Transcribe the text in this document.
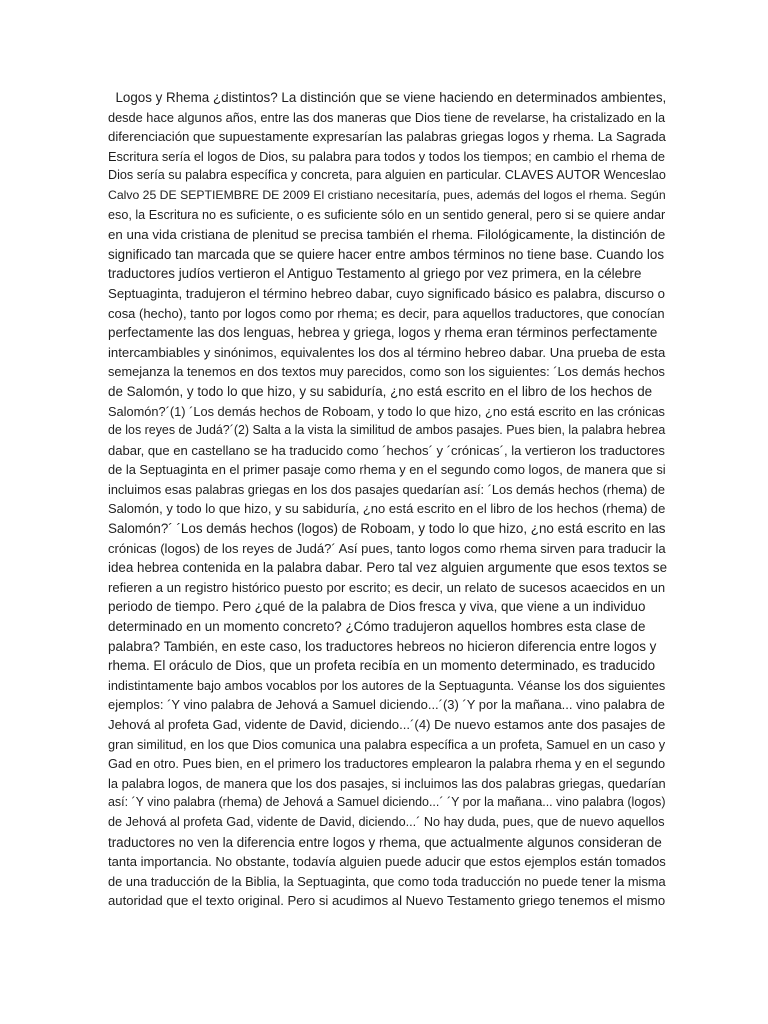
Logos y Rhema ¿distintos? La distinción que se viene haciendo en determinados ambientes,
desde hace algunos años, entre las dos maneras que Dios tiene de revelarse, ha cristalizado en la
diferenciación que supuestamente expresarían las palabras griegas logos y rhema. La Sagrada
Escritura sería el logos de Dios, su palabra para todos y todos los tiempos; en cambio el rhema de
Dios sería su palabra específica y concreta, para alguien en particular. CLAVES AUTOR Wenceslao
Calvo 25 DE SEPTIEMBRE DE 2009 El cristiano necesitaría, pues, además del logos el rhema. Según
eso, la Escritura no es suficiente, o es suficiente sólo en un sentido general, pero si se quiere andar
en una vida cristiana de plenitud se precisa también el rhema. Filológicamente, la distinción de
significado tan marcada que se quiere hacer entre ambos términos no tiene base. Cuando los
traductores judíos vertieron el Antiguo Testamento al griego por vez primera, en la célebre
Septuaginta, tradujeron el término hebreo dabar, cuyo significado básico es palabra, discurso o
cosa (hecho), tanto por logos como por rhema; es decir, para aquellos traductores, que conocían
perfectamente las dos lenguas, hebrea y griega, logos y rhema eran términos perfectamente
intercambiables y sinónimos, equivalentes los dos al término hebreo dabar. Una prueba de esta
semejanza la tenemos en dos textos muy parecidos, como son los siguientes: ´Los demás hechos
de Salomón, y todo lo que hizo, y su sabiduría, ¿no está escrito en el libro de los hechos de
Salomón?´(1) ´Los demás hechos de Roboam, y todo lo que hizo, ¿no está escrito en las crónicas
de los reyes de Judá?´(2) Salta a la vista la similitud de ambos pasajes. Pues bien, la palabra hebrea
dabar, que en castellano se ha traducido como ´hechos´ y ´crónicas´, la vertieron los traductores
de la Septuaginta en el primer pasaje como rhema y en el segundo como logos, de manera que si
incluimos esas palabras griegas en los dos pasajes quedarían así: ´Los demás hechos (rhema) de
Salomón, y todo lo que hizo, y su sabiduría, ¿no está escrito en el libro de los hechos (rhema) de
Salomón?´ ´Los demás hechos (logos) de Roboam, y todo lo que hizo, ¿no está escrito en las
crónicas (logos) de los reyes de Judá?´ Así pues, tanto logos como rhema sirven para traducir la
idea hebrea contenida en la palabra dabar. Pero tal vez alguien argumente que esos textos se
refieren a un registro histórico puesto por escrito; es decir, un relato de sucesos acaecidos en un
periodo de tiempo. Pero ¿qué de la palabra de Dios fresca y viva, que viene a un individuo
determinado en un momento concreto? ¿Cómo tradujeron aquellos hombres esta clase de
palabra? También, en este caso, los traductores hebreos no hicieron diferencia entre logos y
rhema. El oráculo de Dios, que un profeta recibía en un momento determinado, es traducido
indistintamente bajo ambos vocablos por los autores de la Septuagunta. Véanse los dos siguientes
ejemplos: ´Y vino palabra de Jehová a Samuel diciendo...´(3) ´Y por la mañana... vino palabra de
Jehová al profeta Gad, vidente de David, diciendo...´(4) De nuevo estamos ante dos pasajes de
gran similitud, en los que Dios comunica una palabra específica a un profeta, Samuel en un caso y
Gad en otro. Pues bien, en el primero los traductores emplearon la palabra rhema y en el segundo
la palabra logos, de manera que los dos pasajes, si incluimos las dos palabras griegas, quedarían
así: ´Y vino palabra (rhema) de Jehová a Samuel diciendo...´ ´Y por la mañana... vino palabra (logos)
de Jehová al profeta Gad, vidente de David, diciendo...´ No hay duda, pues, que de nuevo aquellos
traductores no ven la diferencia entre logos y rhema, que actualmente algunos consideran de
tanta importancia. No obstante, todavía alguien puede aducir que estos ejemplos están tomados
de una traducción de la Biblia, la Septuaginta, que como toda traducción no puede tener la misma
autoridad que el texto original. Pero si acudimos al Nuevo Testamento griego tenemos el mismo
